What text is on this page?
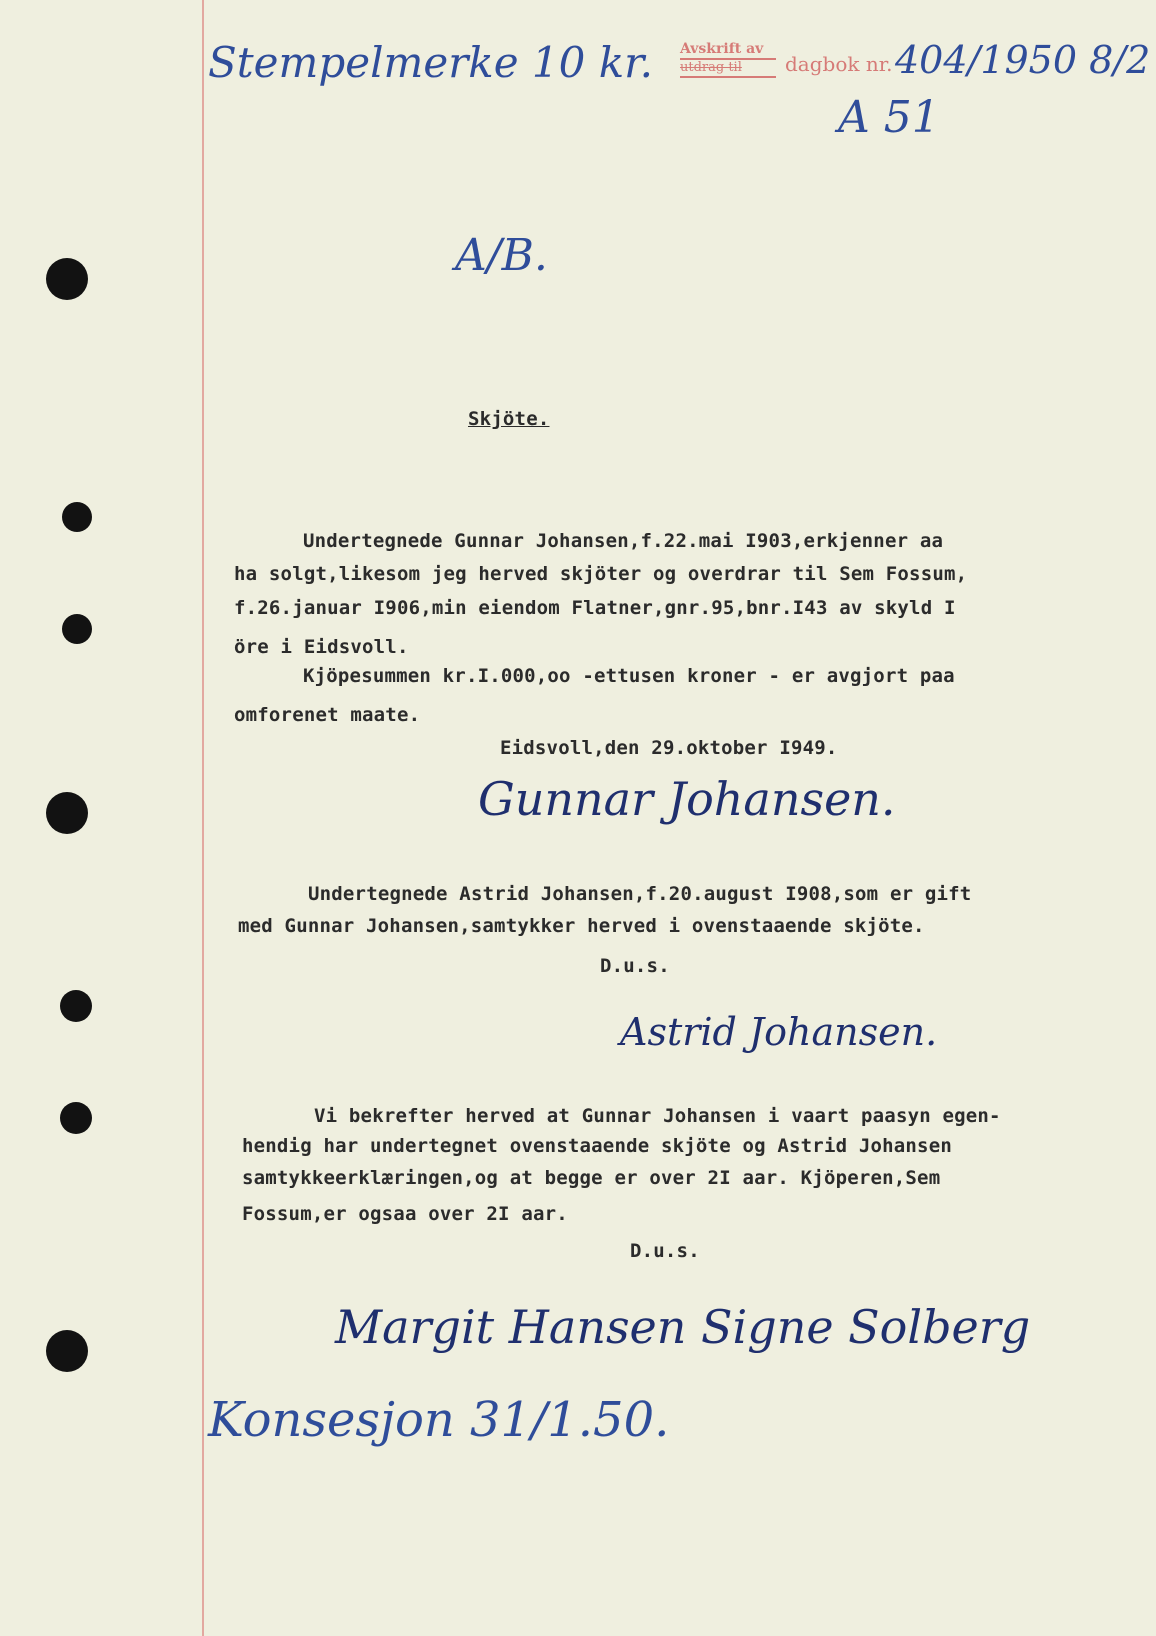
Stempelmerke 10 kr. Avskrift av
utdrag til	dagbok nr. 404/1950 8/2
A 51
A/B.
Skjöte.
Undertegnede Gunnar Johansen,f.22.mai I903,erkjenner aa
ha solgt,likesom jeg herved skjöter og overdrar til Sem Fossum,
f.26.januar I906,min eiendom Flatner,gnr.95,bnr.I43 av skyld I
öre i Eidsvoll.
Kjöpesummen kr.I.000,oo -ettusen kroner - er avgjort paa
omforenet maate.
Eidsvoll,den 29.oktober I949.
Gunnar Johansen.
Undertegnede Astrid Johansen,f.20.august I908,som er gift
med Gunnar Johansen,samtykker herved i ovenstaaende skjöte.
D.u.s.
Astrid Johansen.
Vi bekrefter herved at Gunnar Johansen i vaart paasyn egen-
hendig har undertegnet ovenstaaende skjöte og Astrid Johansen
samtykkeerklæringen,og at begge er over 2I aar. Kjöperen,Sem
Fossum,er ogsaa over 2I aar.
D.u.s.
Margit Hansen Signe Solberg
Konsesjon 31/1.50.
